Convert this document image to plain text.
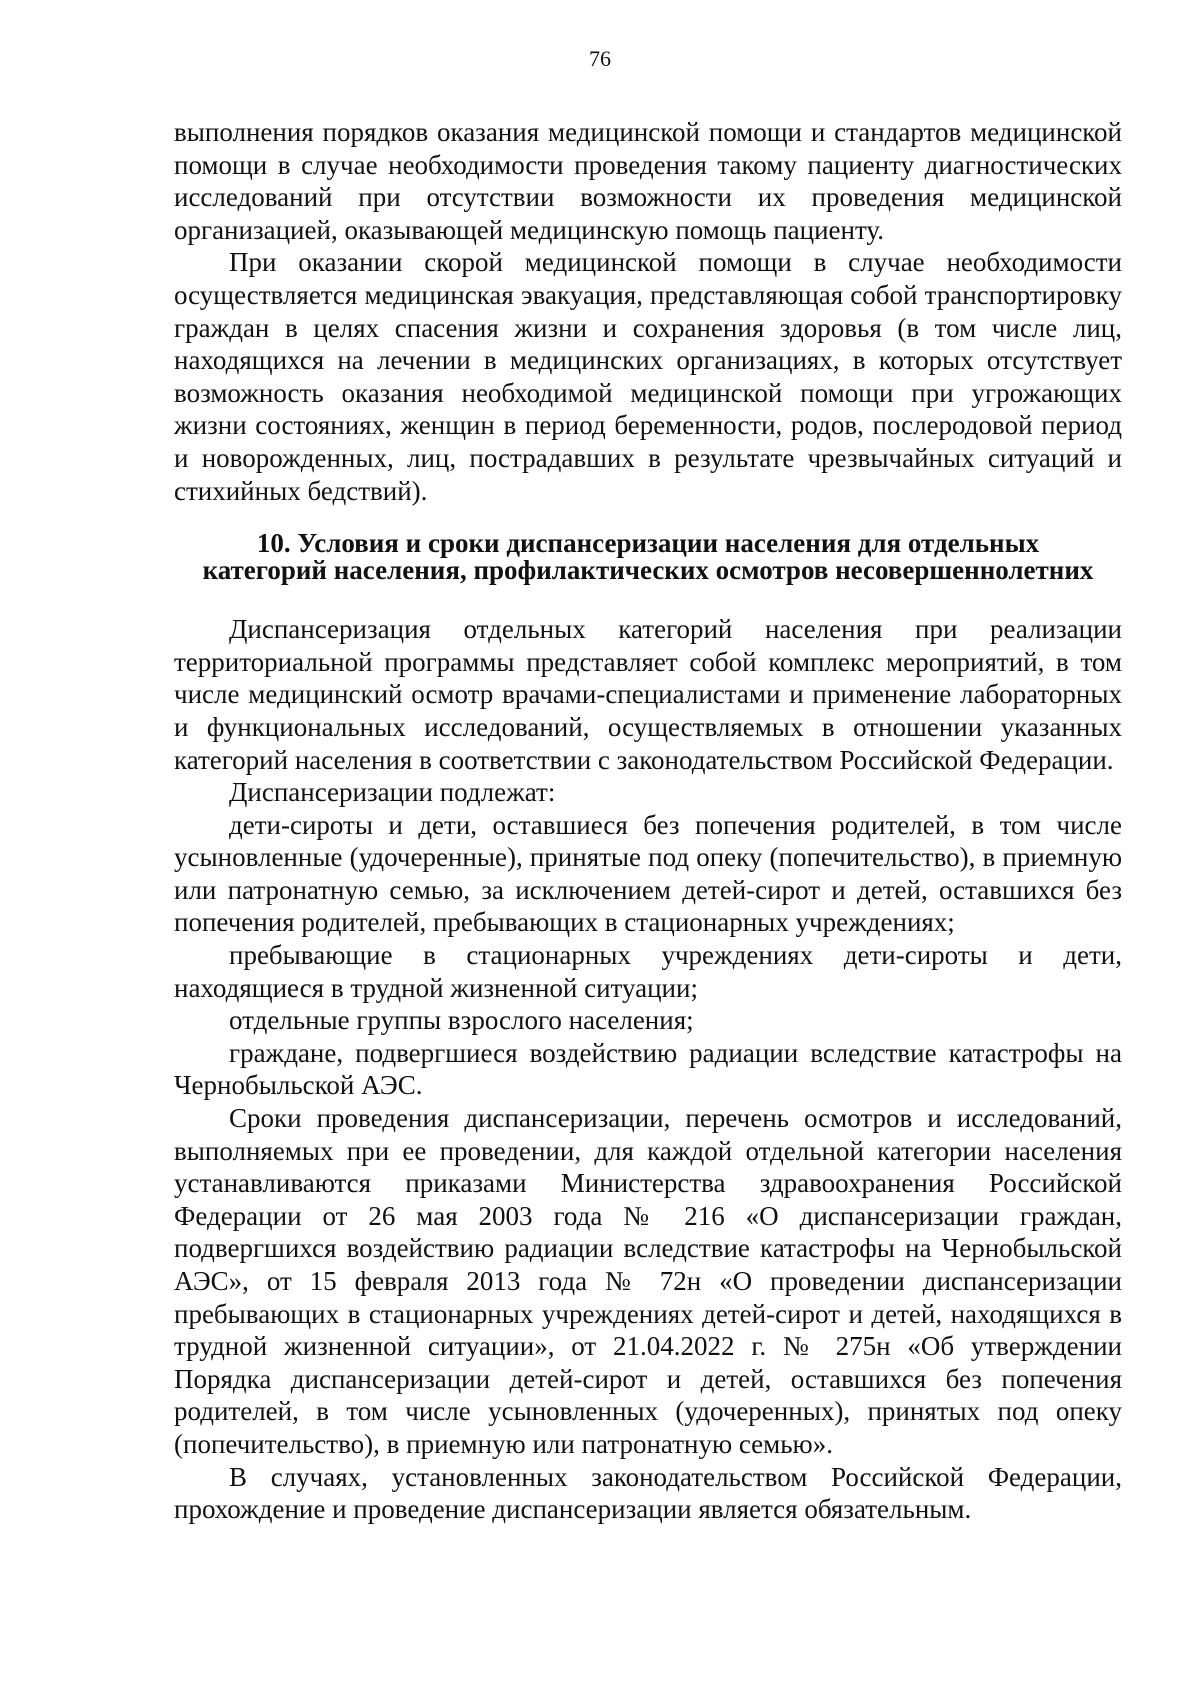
76

выполнения порядков оказания медицинской помощи и стандартов медицинской помощи в случае необходимости проведения такому пациенту диагностических исследований при отсутствии возможности их проведения медицинской организацией, оказывающей медицинскую помощь пациенту.

При оказании скорой медицинской помощи в случае необходимости осуществляется медицинская эвакуация, представляющая собой транспортировку граждан в целях спасения жизни и сохранения здоровья (в том числе лиц, находящихся на лечении в медицинских организациях, в которых отсутствует возможность оказания необходимой медицинской помощи при угрожающих жизни состояниях, женщин в период беременности, родов, послеродовой период и новорожденных, лиц, пострадавших в результате чрезвычайных ситуаций и стихийных бедствий).

10. Условия и сроки диспансеризации населения для отдельных
категорий населения, профилактических осмотров несовершеннолетних

Диспансеризация отдельных категорий населения при реализации территориальной программы представляет собой комплекс мероприятий, в том числе медицинский осмотр врачами-специалистами и применение лабораторных и функциональных исследований, осуществляемых в отношении указанных категорий населения в соответствии с законодательством Российской Федерации.

Диспансеризации подлежат:

дети-сироты и дети, оставшиеся без попечения родителей, в том числе усыновленные (удочеренные), принятые под опеку (попечительство), в приемную или патронатную семью, за исключением детей-сирот и детей, оставшихся без попечения родителей, пребывающих в стационарных учреждениях;

пребывающие в стационарных учреждениях дети-сироты и дети, находящиеся в трудной жизненной ситуации;

отдельные группы взрослого населения;

граждане, подвергшиеся воздействию радиации вследствие катастрофы на Чернобыльской АЭС.

Сроки проведения диспансеризации, перечень осмотров и исследований, выполняемых при ее проведении, для каждой отдельной категории населения устанавливаются приказами Министерства здравоохранения Российской Федерации от 26 мая 2003 года № 216 «О диспансеризации граждан, подвергшихся воздействию радиации вследствие катастрофы на Чернобыльской АЭС», от 15 февраля 2013 года № 72н «О проведении диспансеризации пребывающих в стационарных учреждениях детей-сирот и детей, находящихся в трудной жизненной ситуации», от 21.04.2022 г. № 275н «Об утверждении Порядка диспансеризации детей-сирот и детей, оставшихся без попечения родителей, в том числе усыновленных (удочеренных), принятых под опеку (попечительство), в приемную или патронатную семью».

В случаях, установленных законодательством Российской Федерации, прохождение и проведение диспансеризации является обязательным.
